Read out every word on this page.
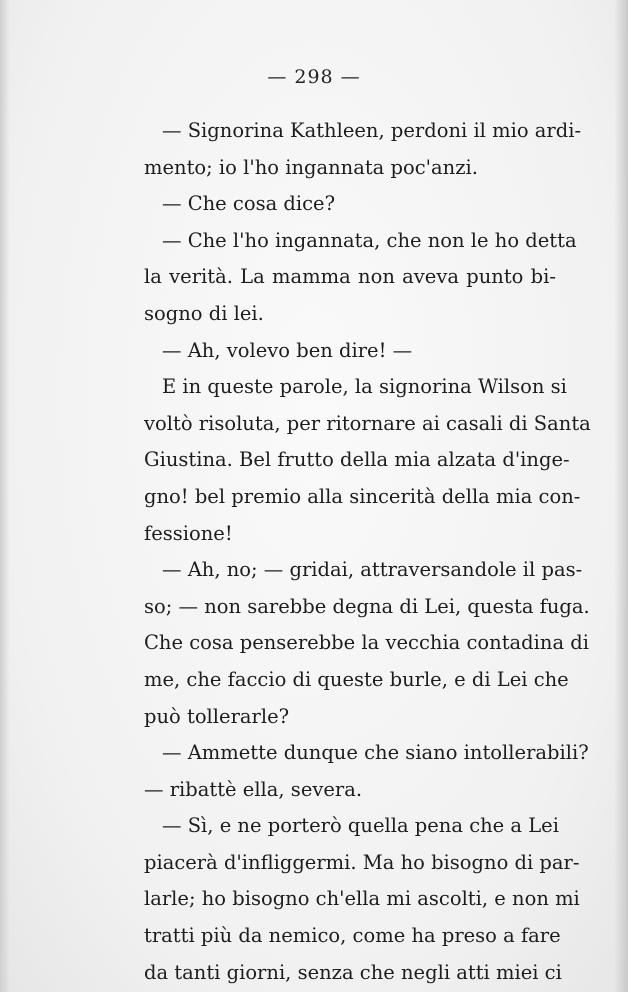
— 298 —
— Signorina Kathleen, perdoni il mio ardi-
mento; io l'ho ingannata poc'anzi.
— Che cosa dice?
— Che l'ho ingannata, che non le ho detta
la verità. La mamma non aveva punto bi-
sogno di lei.
— Ah, volevo ben dire! —
E in queste parole, la signorina Wilson si
voltò risoluta, per ritornare ai casali di Santa
Giustina. Bel frutto della mia alzata d'inge-
gno! bel premio alla sincerità della mia con-
fessione!
— Ah, no; — gridai, attraversandole il pas-
so; — non sarebbe degna di Lei, questa fuga.
Che cosa penserebbe la vecchia contadina di
me, che faccio di queste burle, e di Lei che
può tollerarle?
— Ammette dunque che siano intollerabili?
— ribattè ella, severa.
— Sì, e ne porterò quella pena che a Lei
piacerà d'infliggermi. Ma ho bisogno di par-
larle; ho bisogno ch'ella mi ascolti, e non mi
tratti più da nemico, come ha preso a fare
da tanti giorni, senza che negli atti miei ci
